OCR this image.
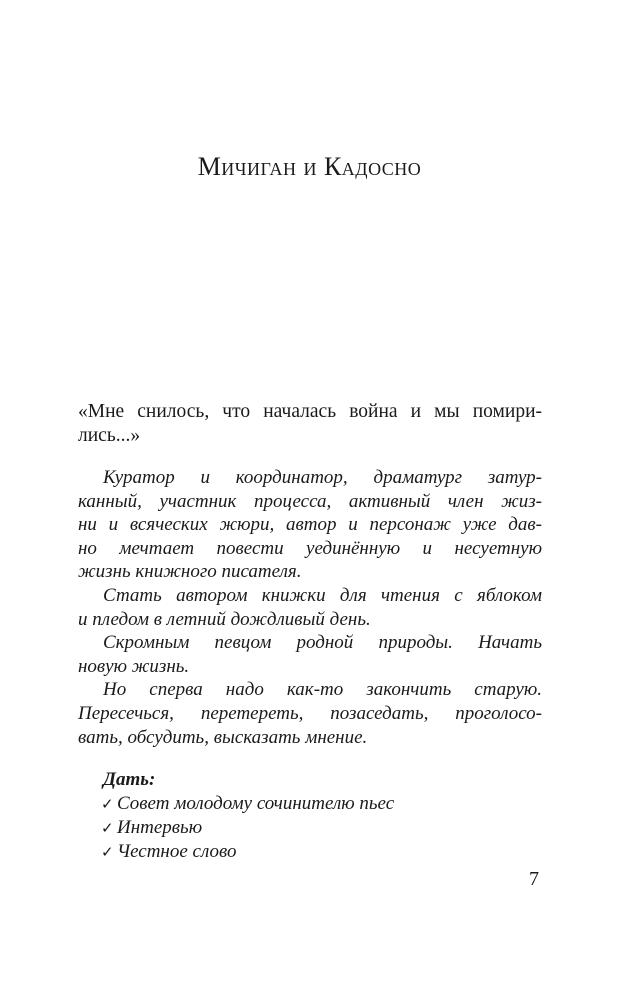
Мичиган и Кадосно
«Мне снилось, что началась война и мы помири-
лись...»
Куратор и координатор, драматург затур-
канный, участник процесса, активный член жиз-
ни и всяческих жюри, автор и персонаж уже дав-
но мечтает повести уединённую и несуетную
жизнь книжного писателя.
Стать автором книжки для чтения с яблоком
и пледом в летний дождливый день.
Скромным певцом родной природы. Начать
новую жизнь.
Но сперва надо как-то закончить старую.
Пересечься, перетереть, позаседать, проголосо-
вать, обсудить, высказать мнение.
Дать:
✓ Совет молодому сочинителю пьес
✓ Интервью
✓ Честное слово
7
